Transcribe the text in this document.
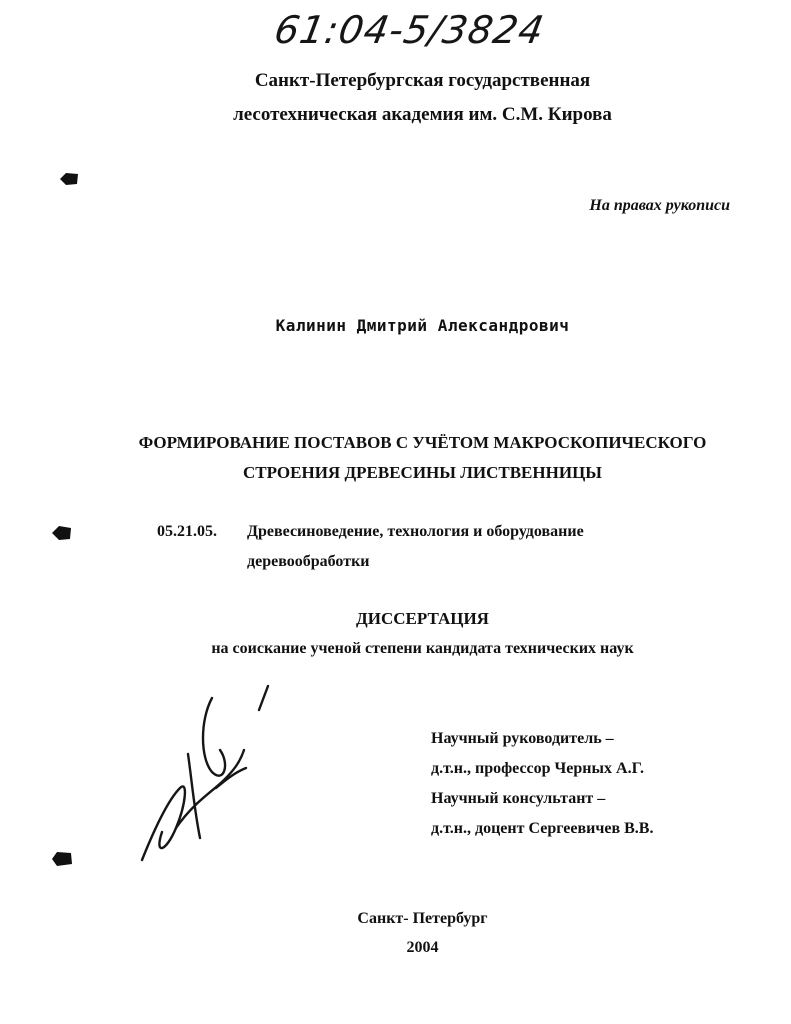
61:04-5/3824
Санкт-Петербургская государственная
лесотехническая академия им. С.М. Кирова
На правах рукописи
Калинин Дмитрий Александрович
ФОРМИРОВАНИЕ ПОСТАВОВ С УЧЁТОМ МАКРОСКОПИЧЕСКОГО
СТРОЕНИЯ ДРЕВЕСИНЫ ЛИСТВЕННИЦЫ
05.21.05. Древесиноведение, технология и оборудование
деревообработки
ДИССЕРТАЦИЯ
на соискание ученой степени кандидата технических наук
Научный руководитель –
д.т.н., профессор Черных А.Г.
Научный консультант –
д.т.н., доцент Сергеевичев В.В.
Санкт- Петербург
2004
